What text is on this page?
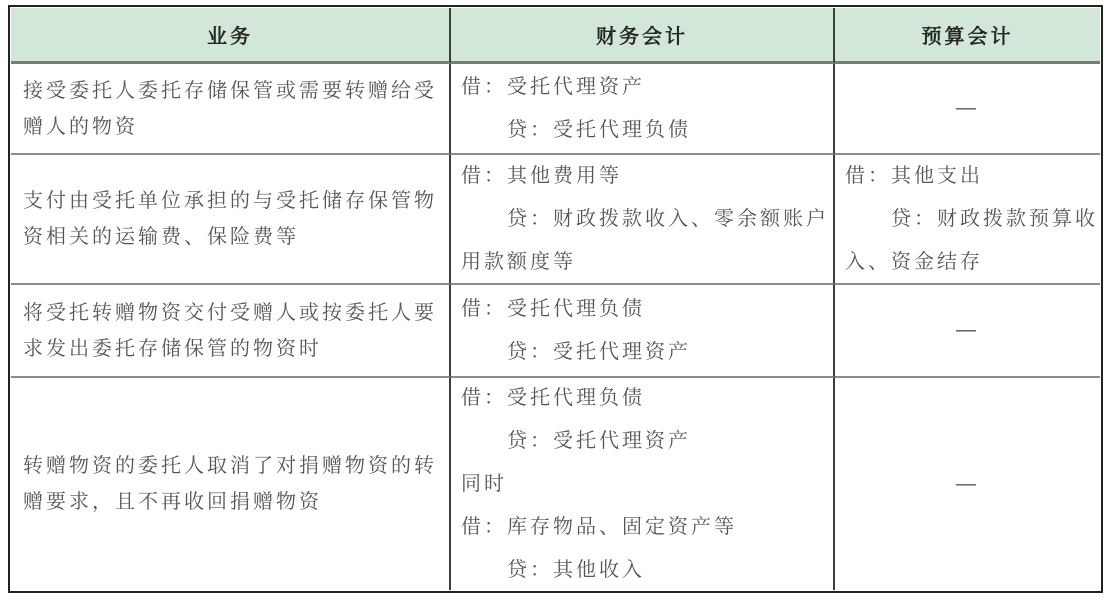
业务	财务会计	预算会计
接受委托人委托存储保管或需要转赠给受赠人的物资
借：受托代理资产
贷：受托代理负债
—
支付由受托单位承担的与受托储存保管物资相关的运输费、保险费等
借：其他费用等
贷：财政拨款收入、零余额账户
用款额度等
借：其他支出
贷：财政拨款预算收
入、资金结存
将受托转赠物资交付受赠人或按委托人要求发出委托存储保管的物资时
借：受托代理负债
贷：受托代理资产
—
转赠物资的委托人取消了对捐赠物资的转赠要求，且不再收回捐赠物资
借：受托代理负债
贷：受托代理资产
同时
借：库存物品、固定资产等
贷：其他收入
—
